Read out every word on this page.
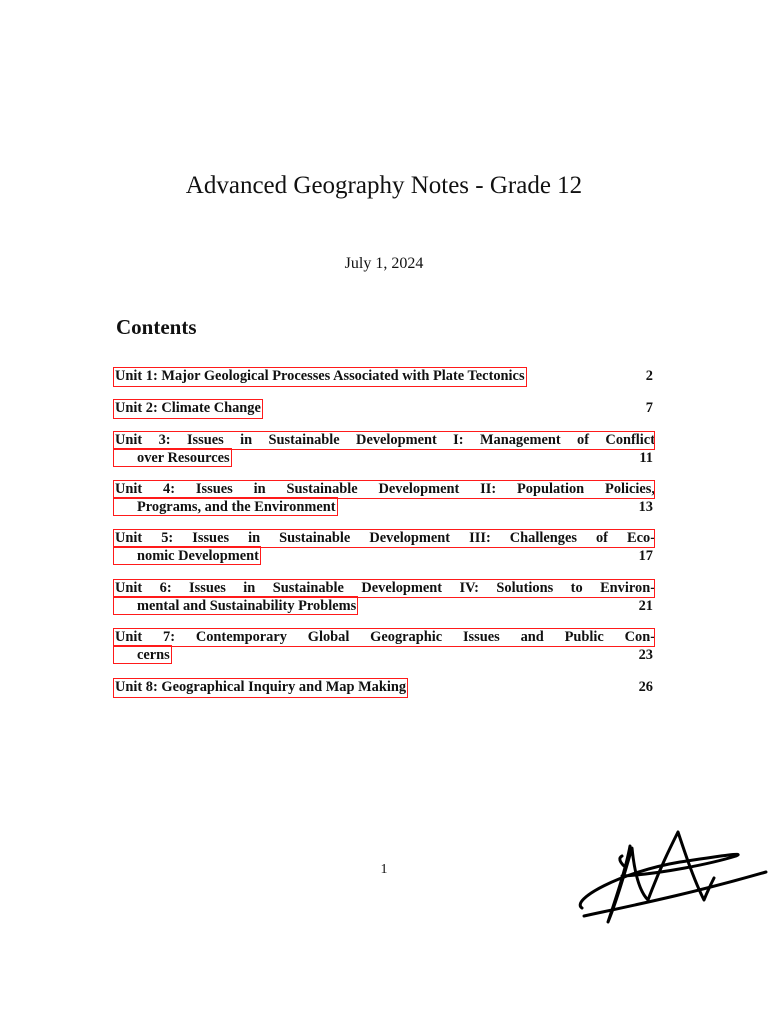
Advanced Geography Notes - Grade 12
July 1, 2024
Contents
Unit 1: Major Geological Processes Associated with Plate Tectonics	2
Unit 2: Climate Change	7
Unit 3: Issues in Sustainable Development I: Management of Conflict
over Resources	11
Unit 4: Issues in Sustainable Development II: Population Policies,
Programs, and the Environment	13
Unit 5: Issues in Sustainable Development III: Challenges of Eco-
nomic Development	17
Unit 6: Issues in Sustainable Development IV: Solutions to Environ-
mental and Sustainability Problems	21
Unit 7: Contemporary Global Geographic Issues and Public Con-
cerns	23
Unit 8: Geographical Inquiry and Map Making	26
1
